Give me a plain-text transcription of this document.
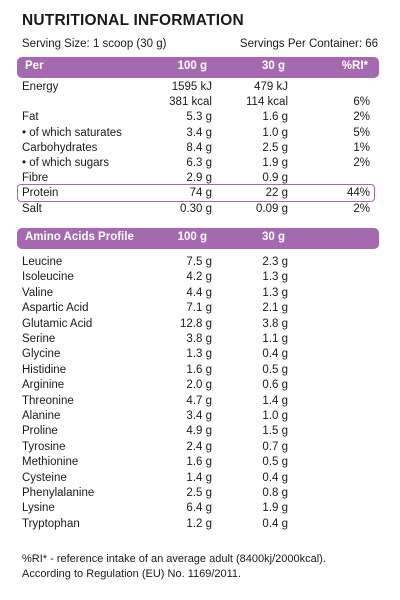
NUTRITIONAL INFORMATION
Serving Size: 1 scoop (30 g)	Servings Per Container: 66
Per	100 g	30 g	%RI*
Energy	1595 kJ	479 kJ
381 kcal	114 kcal	6%
Fat	5.3 g	1.6 g	2%
• of which saturates	3.4 g	1.0 g	5%
Carbohydrates	8.4 g	2.5 g	1%
• of which sugars	6.3 g	1.9 g	2%
Fibre	2.9 g	0.9 g
Protein	74 g	22 g	44%
Salt	0.30 g	0.09 g	2%
Amino Acids Profile	100 g	30 g
Leucine	7.5 g	2.3 g
Isoleucine	4.2 g	1.3 g
Valine	4.4 g	1.3 g
Aspartic Acid	7.1 g	2.1 g
Glutamic Acid	12.8 g	3.8 g
Serine	3.8 g	1.1 g
Glycine	1.3 g	0.4 g
Histidine	1.6 g	0.5 g
Arginine	2.0 g	0.6 g
Threonine	4.7 g	1.4 g
Alanine	3.4 g	1.0 g
Proline	4.9 g	1.5 g
Tyrosine	2.4 g	0.7 g
Methionine	1.6 g	0.5 g
Cysteine	1.4 g	0.4 g
Phenylalanine	2.5 g	0.8 g
Lysine	6.4 g	1.9 g
Tryptophan	1.2 g	0.4 g
%RI* - reference intake of an average adult (8400kj/2000kcal).
According to Regulation (EU) No. 1169/2011.
